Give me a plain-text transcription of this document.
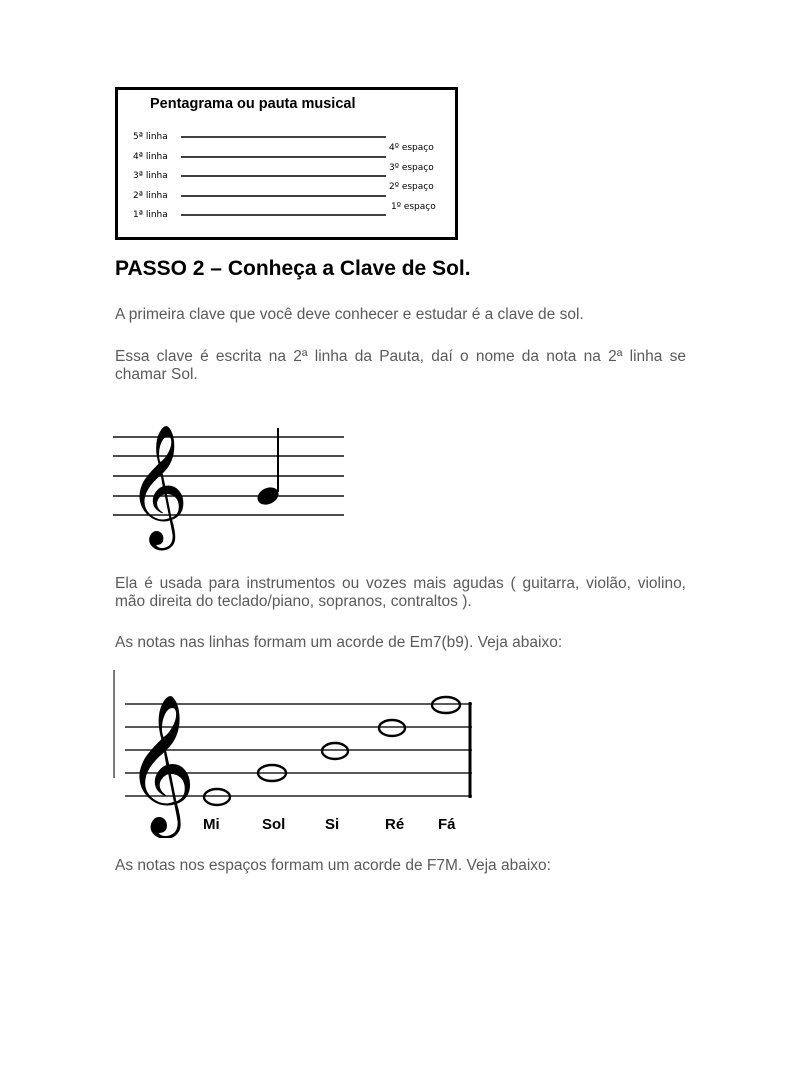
Pentagrama ou pauta musical
5ª linha
4ª linha
3ª linha
2ª linha
1ª linha
4º espaço
3º espaço
2º espaço
1º espaço
PASSO 2 – Conheça a Clave de Sol.

A primeira clave que você deve conhecer e estudar é a clave de sol.

Essa clave é escrita na 2ª linha da Pauta, daí o nome da nota na 2ª linha se chamar Sol.

𝄞

Ela é usada para instrumentos ou vozes mais agudas ( guitarra, violão, violino, mão direita do teclado/piano, sopranos, contraltos ).

As notas nas linhas formam um acorde de Em7(b9). Veja abaixo:

𝄞 Mi	Sol	Si	Ré Fá

As notas nos espaços formam um acorde de F7M. Veja abaixo:
